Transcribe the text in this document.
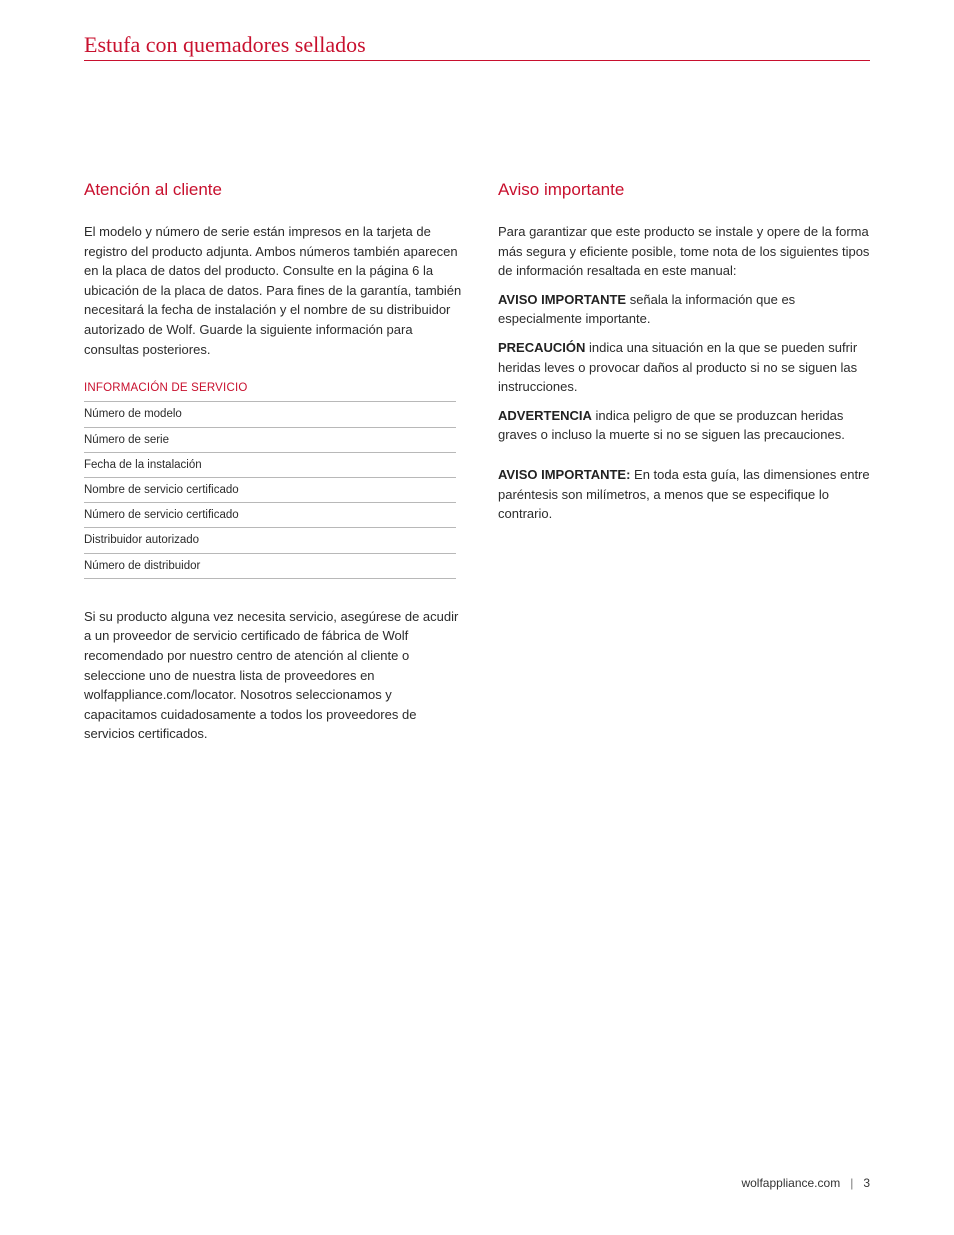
Estufa con quemadores sellados
Atención al cliente

El modelo y número de serie están impresos en la tarjeta de registro del producto adjunta. Ambos números también aparecen en la placa de datos del producto. Consulte en la página 6 la ubicación de la placa de datos. Para fines de la garantía, también necesitará la fecha de instalación y el nombre de su distribuidor autorizado de Wolf. Guarde la siguiente información para consultas posteriores.

INFORMACIÓN DE SERVICIO
Número de modelo
Número de serie
Fecha de la instalación
Nombre de servicio certificado
Número de servicio certificado
Distribuidor autorizado
Número de distribuidor

Si su producto alguna vez necesita servicio, asegúrese de acudir a un proveedor de servicio certificado de fábrica de Wolf recomendado por nuestro centro de atención al cliente o seleccione uno de nuestra lista de proveedores en wolfappliance.com/locator. Nosotros seleccionamos y capacitamos cuidadosamente a todos los proveedores de servicios certificados.

Aviso importante

Para garantizar que este producto se instale y opere de la forma más segura y eficiente posible, tome nota de los siguientes tipos de información resaltada en este manual:

AVISO IMPORTANTE señala la información que es especialmente importante.

PRECAUCIÓN indica una situación en la que se pueden sufrir heridas leves o provocar daños al producto si no se siguen las instrucciones.

ADVERTENCIA indica peligro de que se produzcan heridas graves o incluso la muerte si no se siguen las precauciones.

AVISO IMPORTANTE: En toda esta guía, las dimensiones entre paréntesis son milímetros, a menos que se especifique lo contrario.

wolfappliance.com | 3
